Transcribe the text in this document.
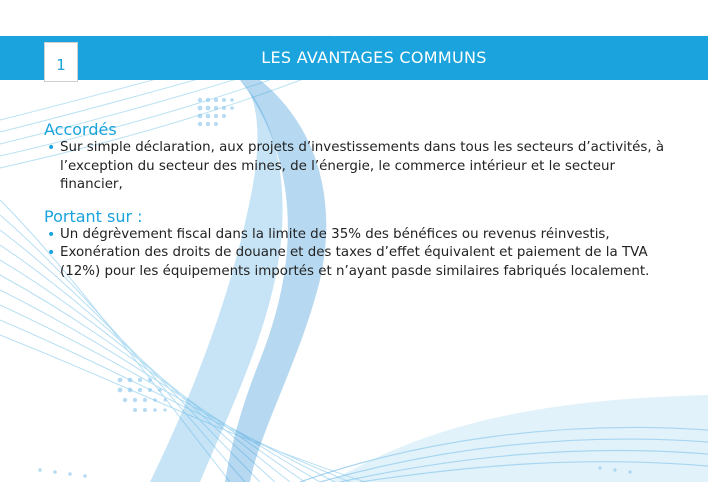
LES AVANTAGES COMMUNS
1
Accordés
• Sur simple déclaration, aux projets d’investissements dans tous les secteurs d’activités, à l’exception du secteur des mines, de l’énergie, le commerce intérieur et le secteur financier,
Portant sur :
• Un dégrèvement fiscal dans la limite de 35% des bénéfices ou revenus réinvestis,
• Exonération des droits de douane et des taxes d’effet équivalent et paiement de la TVA (12%) pour les équipements importés et n’ayant pasde similaires fabriqués localement.
